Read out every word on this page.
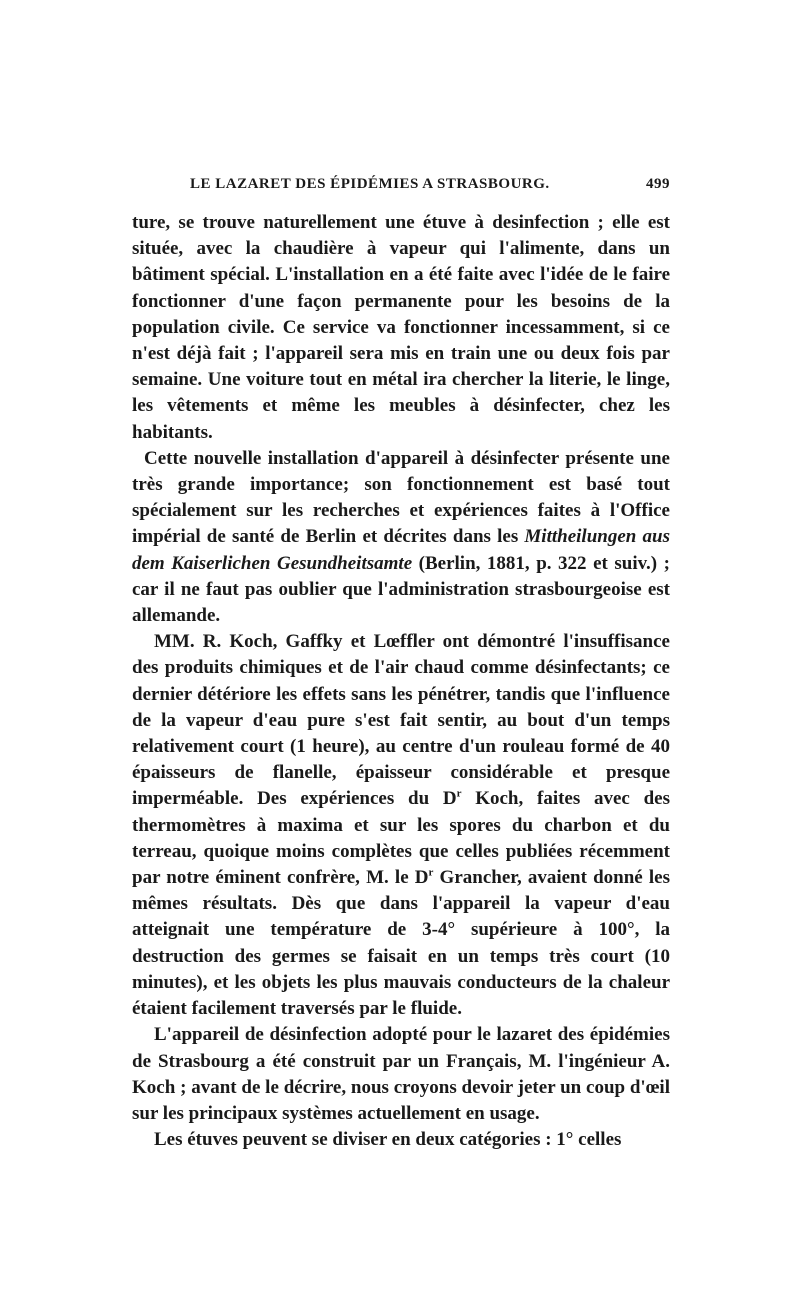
LE LAZARET DES ÉPIDÉMIES A STRASBOURG.	499

ture, se trouve naturellement une étuve à desinfection ; elle est située, avec la chaudière à vapeur qui l'alimente, dans un bâtiment spécial. L'installation en a été faite avec l'idée de le faire fonctionner d'une façon permanente pour les besoins de la population civile. Ce service va fonctionner incessamment, si ce n'est déjà fait ; l'appareil sera mis en train une ou deux fois par semaine. Une voiture tout en métal ira chercher la literie, le linge, les vêtements et même les meubles à désinfecter, chez les habitants.

Cette nouvelle installation d'appareil à désinfecter présente une très grande importance; son fonctionnement est basé tout spécialement sur les recherches et expériences faites à l'Office impérial de santé de Berlin et décrites dans les Mittheilungen aus dem Kaiserlichen Gesundheitsamte (Berlin, 1881, p. 322 et suiv.) ; car il ne faut pas oublier que l'administration strasbourgeoise est allemande.

MM. R. Koch, Gaffky et Lœffler ont démontré l'insuffisance des produits chimiques et de l'air chaud comme désinfectants; ce dernier détériore les effets sans les pénétrer, tandis que l'influence de la vapeur d'eau pure s'est fait sentir, au bout d'un temps relativement court (1 heure), au centre d'un rouleau formé de 40 épaisseurs de flanelle, épaisseur considérable et presque imperméable. Des expériences du $D^r$ Koch, faites avec des thermomètres à maxima et sur les spores du charbon et du terreau, quoique moins complètes que celles publiées récemment par notre éminent confrère, M. le $D^r$ Grancher, avaient donné les mêmes résultats. Dès que dans l'appareil la vapeur d'eau atteignait une température de 3-4° supérieure à 100°, la destruction des germes se faisait en un temps très court (10 minutes), et les objets les plus mauvais conducteurs de la chaleur étaient facilement traversés par le fluide.

L'appareil de désinfection adopté pour le lazaret des épidémies de Strasbourg a été construit par un Français, M. l'ingénieur A. Koch ; avant de le décrire, nous croyons devoir jeter un coup d'œil sur les principaux systèmes actuellement en usage.

Les étuves peuvent se diviser en deux catégories : 1° celles
